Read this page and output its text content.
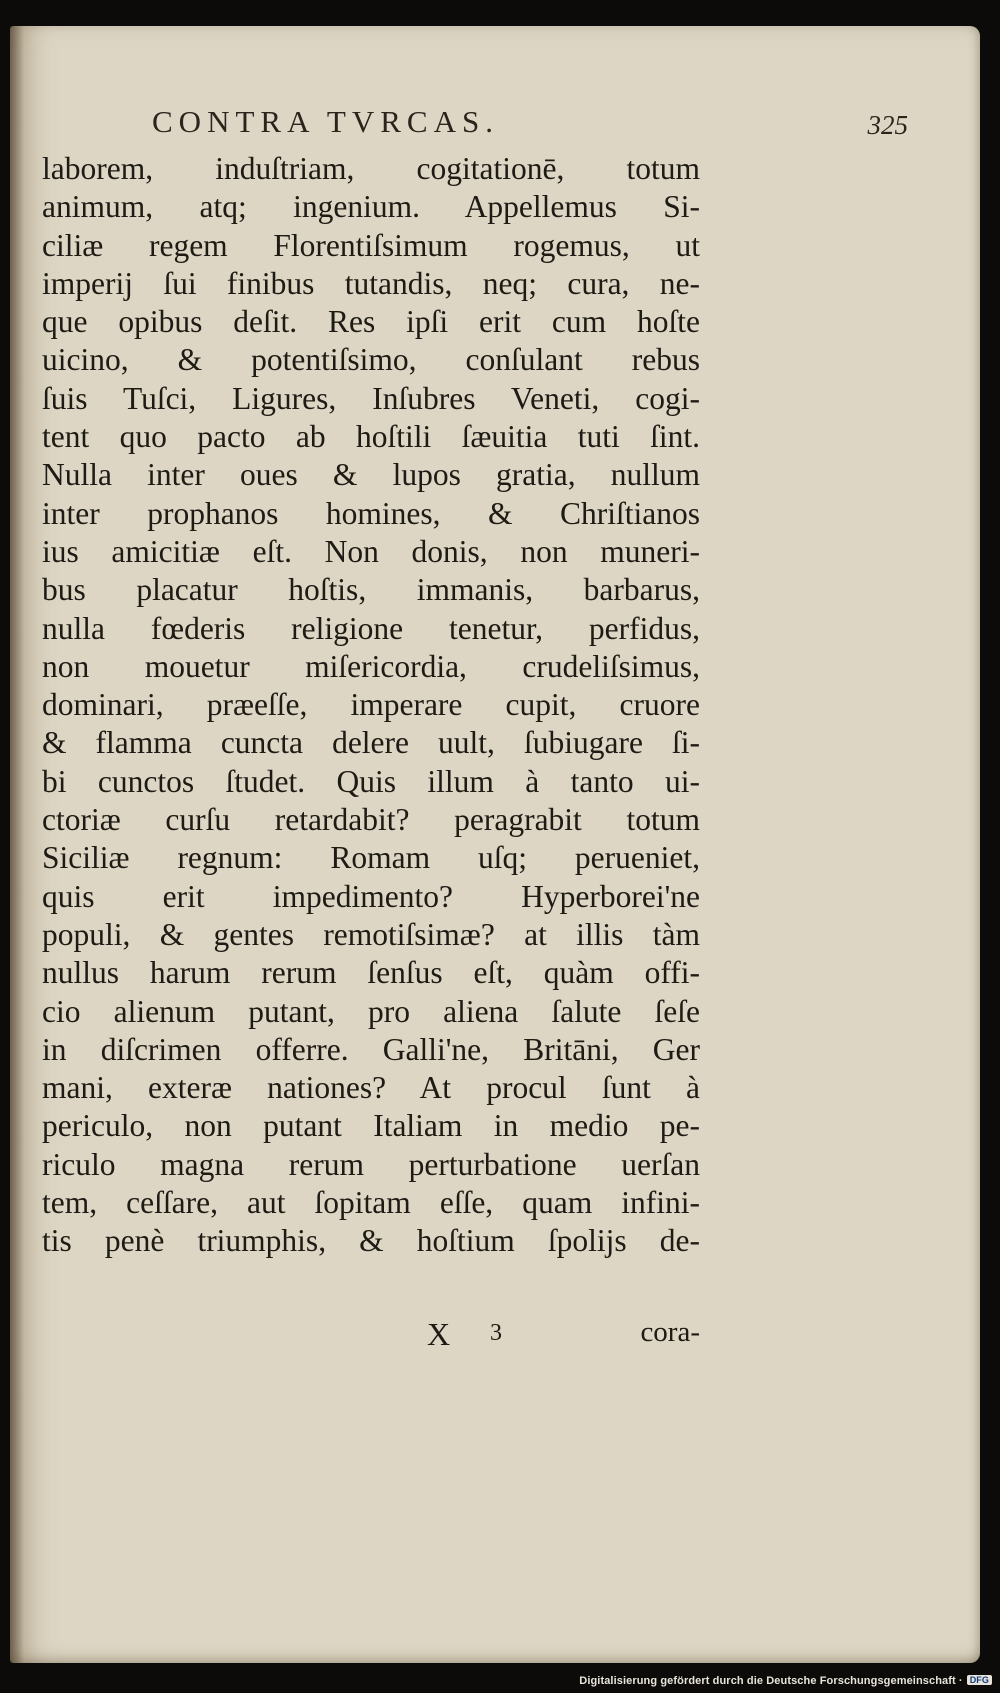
CONTRA TVRCAS.	325
laborem, induſtriam, cogitationē, totum
animum, atq; ingenium. Appellemus Si-
ciliæ regem Florentiſsimum rogemus, ut
imperij ſui finibus tutandis, neq; cura, ne-
que opibus deſit. Res ipſi erit cum hoſte
uicino, & potentiſsimo, conſulant rebus
ſuis Tuſci, Ligures, Inſubres Veneti, cogi-
tent quo pacto ab hoſtili ſæuitia tuti ſint.
Nulla inter oues & lupos gratia, nullum
inter prophanos homines, & Chriſtianos
ius amicitiæ eſt. Non donis, non muneri-
bus placatur hoſtis, immanis, barbarus,
nulla fœderis religione tenetur, perfidus,
non mouetur miſericordia, crudeliſsimus,
dominari, præeſſe, imperare cupit, cruore
& flamma cuncta delere uult, ſubiugare ſi-
bi cunctos ſtudet. Quis illum à tanto ui-
ctoriæ curſu retardabit? peragrabit totum
Siciliæ regnum: Romam uſq; perueniet,
quis erit impedimento? Hyperborei'ne
populi, & gentes remotiſsimæ? at illis tàm
nullus harum rerum ſenſus eſt, quàm offi-
cio alienum putant, pro aliena ſalute ſeſe
in diſcrimen offerre. Galli'ne, Britāni, Ger
mani, exteræ nationes? At procul ſunt à
periculo, non putant Italiam in medio pe-
riculo magna rerum perturbatione uerſan
tem, ceſſare, aut ſopitam eſſe, quam infini-
tis penè triumphis, & hoſtium ſpolijs de-
X 3	cora-
Digitalisierung gefördert durch die Deutsche Forschungsgemeinschaft · DFG
